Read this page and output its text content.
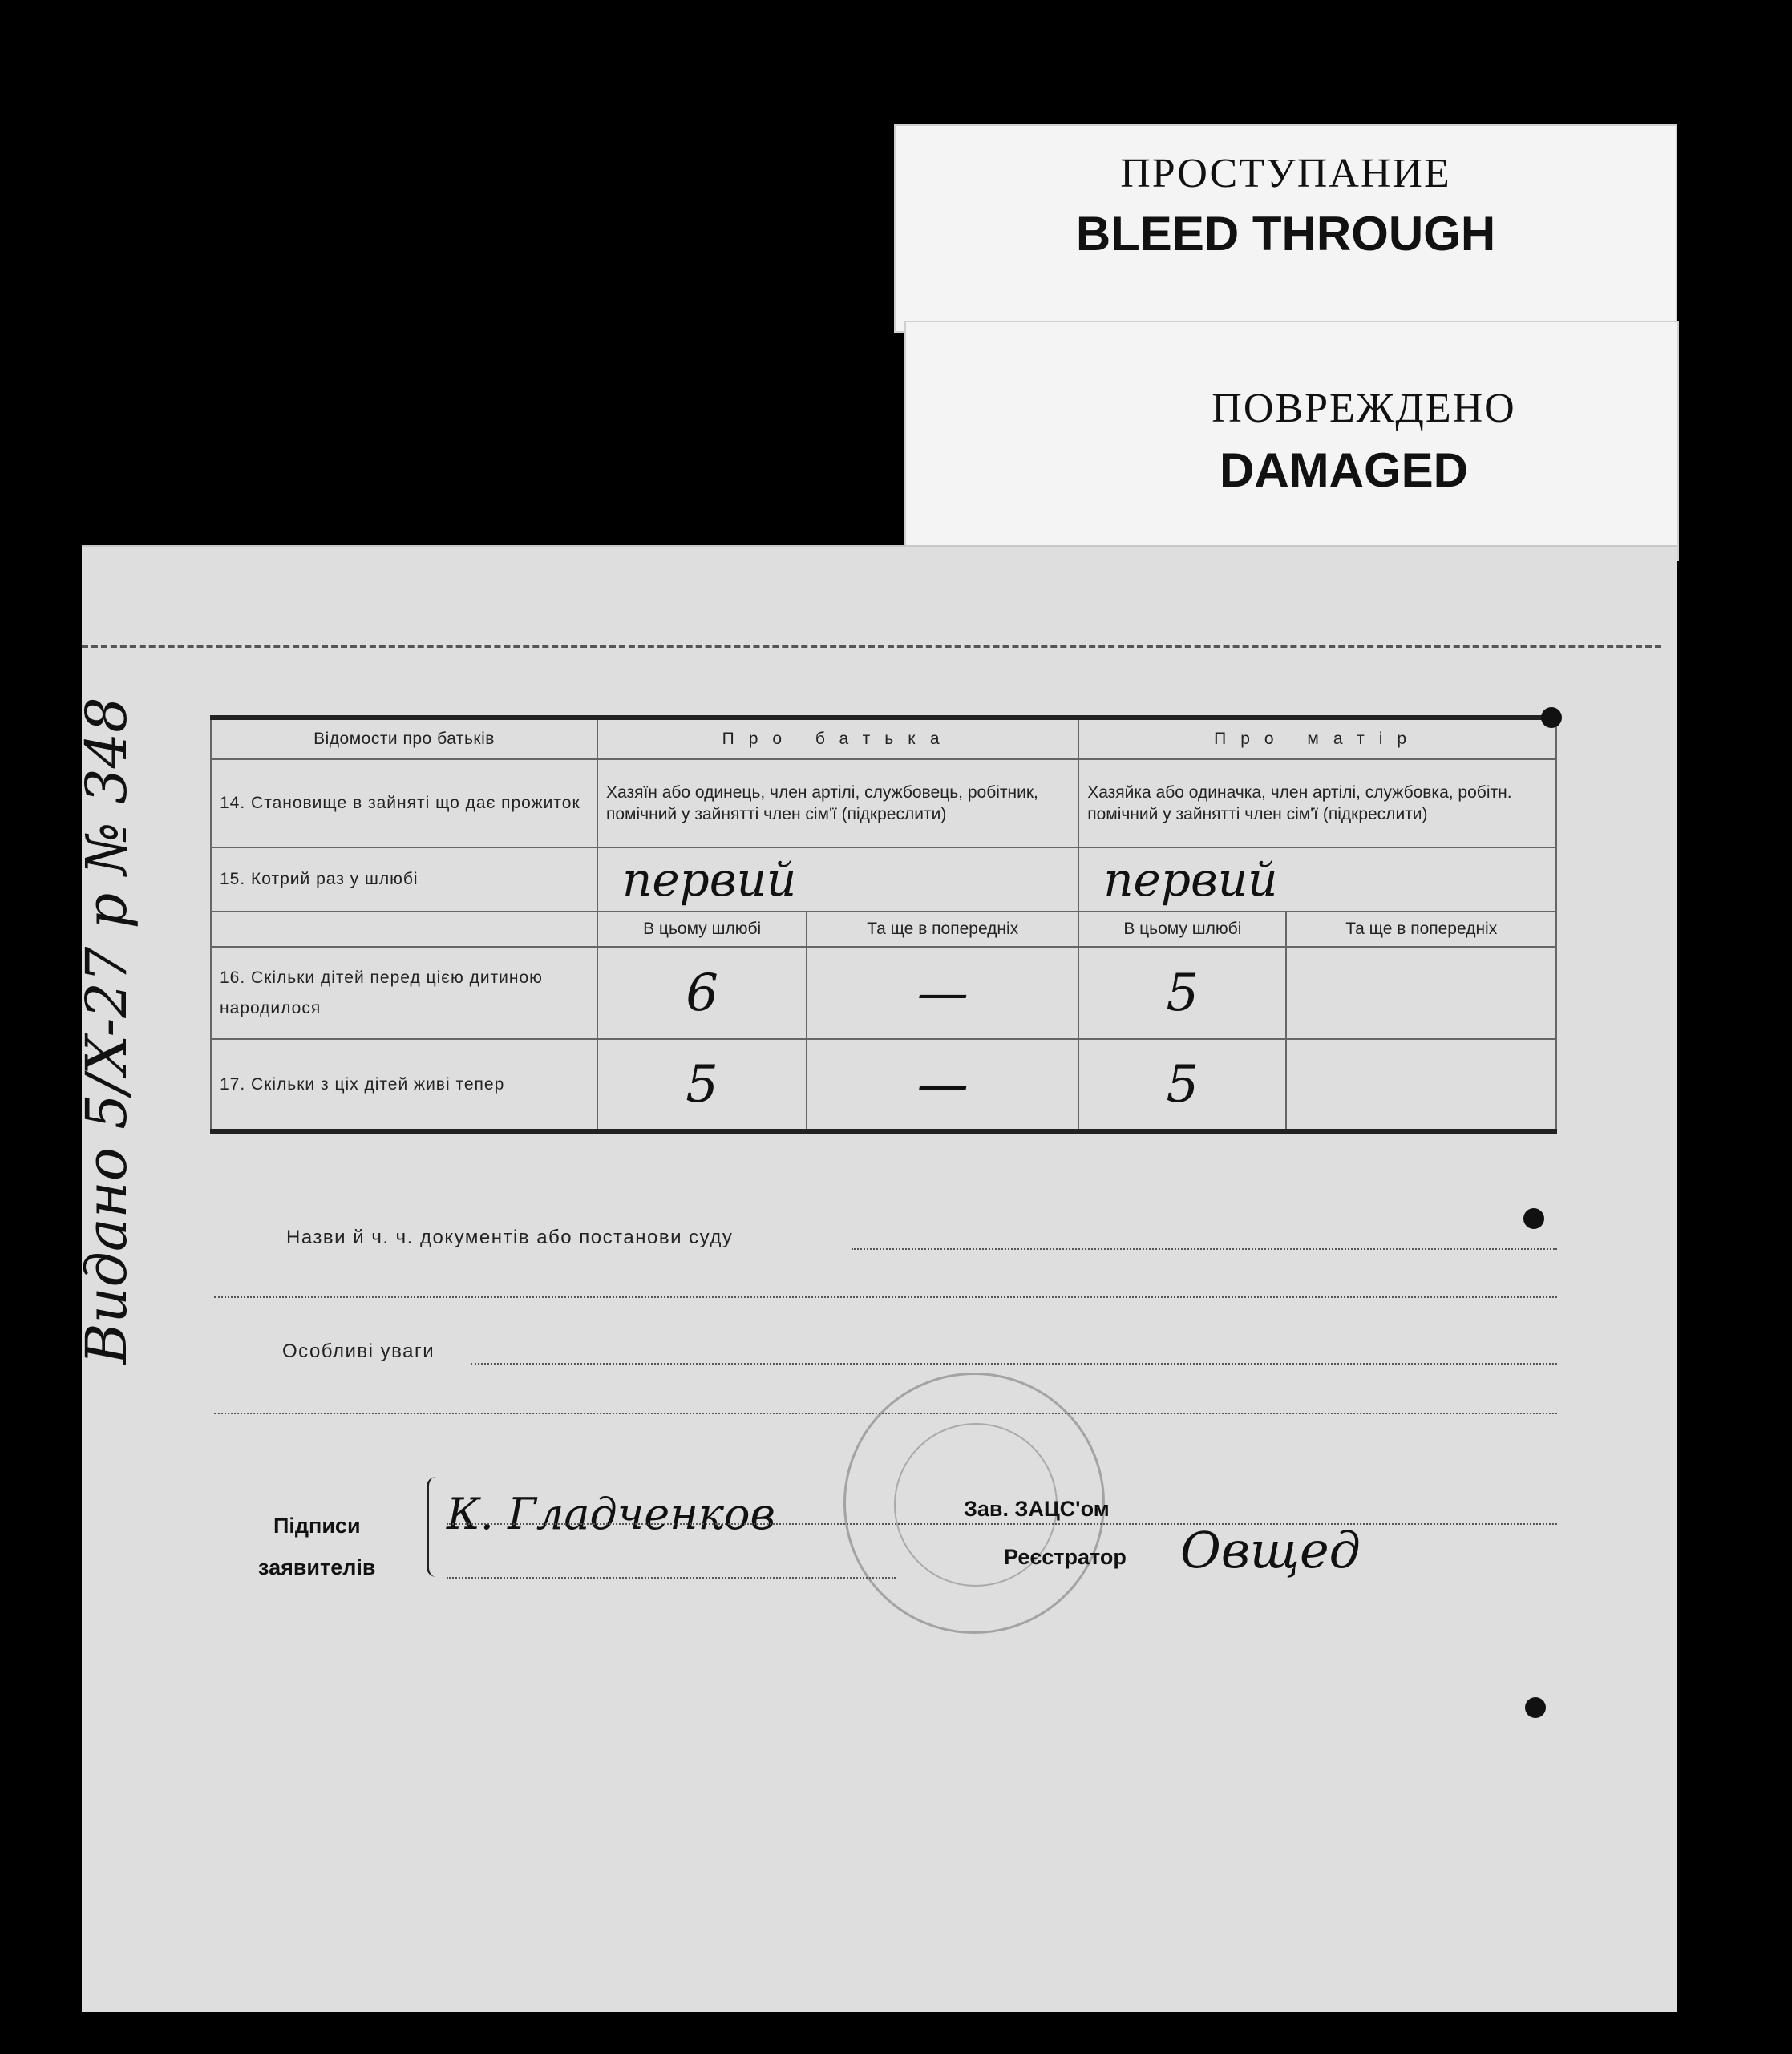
ПРОСТУПАНИЕ
BLEED THROUGH
ПОВРЕЖДЕНО
DAMAGED
Відомости про батьків	Про батька		Про матір	
14. Становище в зайняті що дає прожиток	Хазяїн або одинець, член артілі, службовець, робітник, помічний у зайнятті член сім'ї (підкреслити)		Хазяйка або одиначка, член артілі, службовка, робітн. помічний у зайнятті член сім'ї (підкреслити)	
15. Котрий раз у шлюбі	первий		первий	
	В цьому шлюбі	Та ще в попередніх	В цьому шлюбі	Та ще в попередніх
16. Скільки дітей перед цією дитиною народилося	6	—	5	
17. Скільки з ціх дітей живі тепер	5	—	5	
Назви й ч. ч. документів або постанови суду
Особливі уваги
Підписи
заявителів
К. Гладченков	Зав. ЗАЦС'ом
Реєстратор Овщед
Видано 5/X-27 р № 348
